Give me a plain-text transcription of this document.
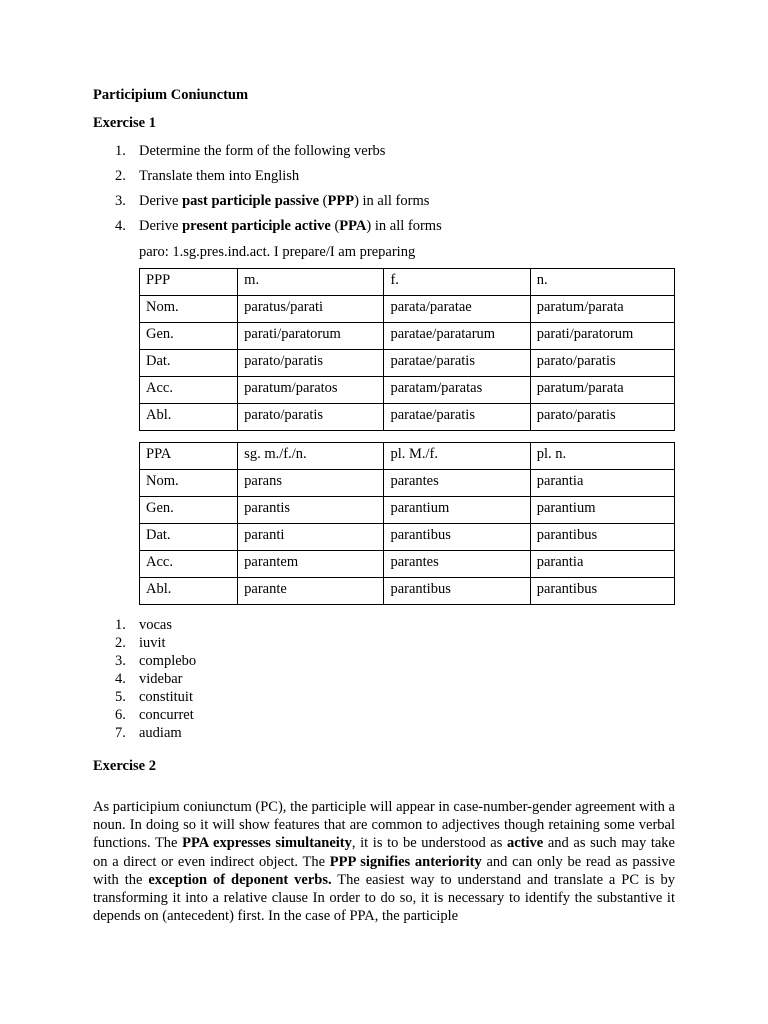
Participium Coniunctum
Exercise 1
1. Determine the form of the following verbs
2. Translate them into English
3. Derive past participle passive (PPP) in all forms
4. Derive present participle active (PPA) in all forms
paro: 1.sg.pres.ind.act. I prepare/I am preparing
PPP	m.	f.	n.
Nom.	paratus/parati	parata/paratae	paratum/parata
Gen.	parati/paratorum	paratae/paratarum	parati/paratorum
Dat.	parato/paratis	paratae/paratis	parato/paratis
Acc.	paratum/paratos	paratam/paratas	paratum/parata
Abl.	parato/paratis	paratae/paratis	parato/paratis
PPA	sg. m./f./n.	pl. M./f.	pl. n.
Nom.	parans	parantes	parantia
Gen.	parantis	parantium	parantium
Dat.	paranti	parantibus	parantibus
Acc.	parantem	parantes	parantia
Abl.	parante	parantibus	parantibus
1. vocas
2. iuvit
3. complebo
4. videbar
5. constituit
6. concurret
7. audiam
Exercise 2
As participium coniunctum (PC), the participle will appear in case-number-gender agreement with a noun. In doing so it will show features that are common to adjectives though retaining some verbal functions. The PPA expresses simultaneity, it is to be understood as active and as such may take on a direct or even indirect object. The PPP signifies anteriority and can only be read as passive with the exception of deponent verbs. The easiest way to understand and translate a PC is by transforming it into a relative clause In order to do so, it is necessary to identify the substantive it depends on (antecedent) first. In the case of PPA, the participle
